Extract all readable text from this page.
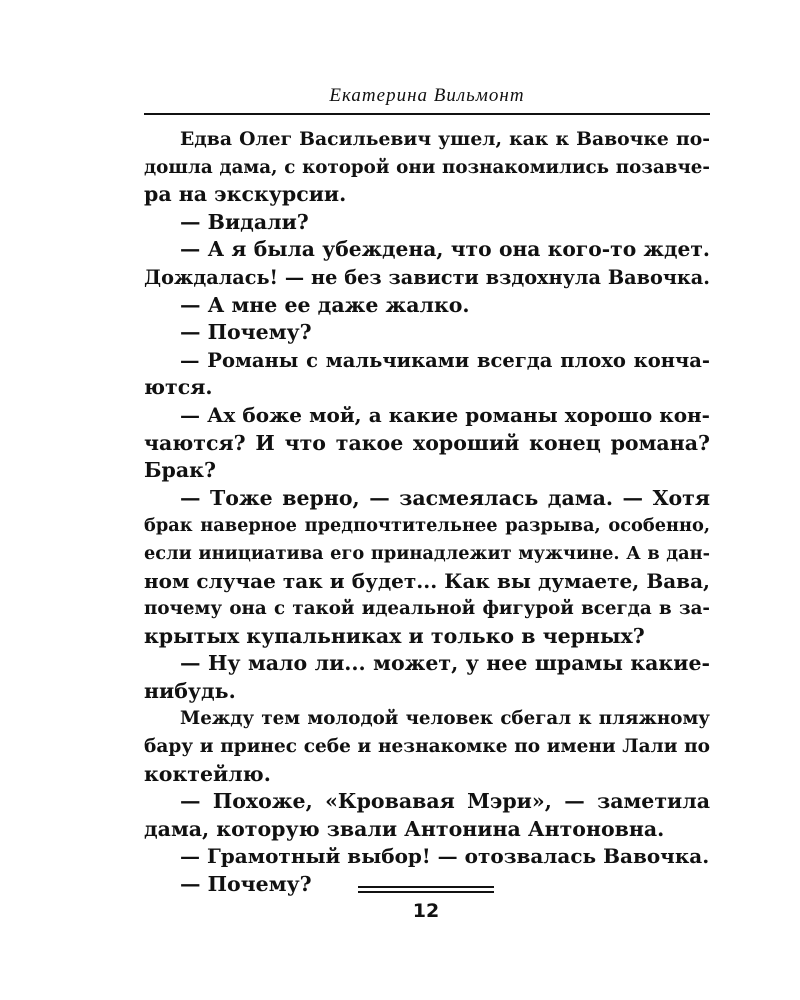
Екатерина Вильмонт
Едва Олег Васильевич ушел, как к Вавочке по-
дошла дама, с которой они познакомились позавче-
ра на экскурсии.
— Видали?
— А я была убеждена, что она кого-то ждет.
Дождалась! — не без зависти вздохнула Вавочка.
— А мне ее даже жалко.
— Почему?
— Романы с мальчиками всегда плохо конча-
ются.
— Ах боже мой, а какие романы хорошо кон-
чаются? И что такое хороший конец романа?
Брак?
— Тоже верно, — засмеялась дама. — Хотя
брак наверное предпочтительнее разрыва, особенно,
если инициатива его принадлежит мужчине. А в дан-
ном случае так и будет... Как вы думаете, Вава,
почему она с такой идеальной фигурой всегда в за-
крытых купальниках и только в черных?
— Ну мало ли... может, у нее шрамы какие-
нибудь.
Между тем молодой человек сбегал к пляжному
бару и принес себе и незнакомке по имени Лали по
коктейлю.
— Похоже, «Кровавая Мэри», — заметила
дама, которую звали Антонина Антоновна.
— Грамотный выбор! — отозвалась Вавочка.
— Почему?
12
